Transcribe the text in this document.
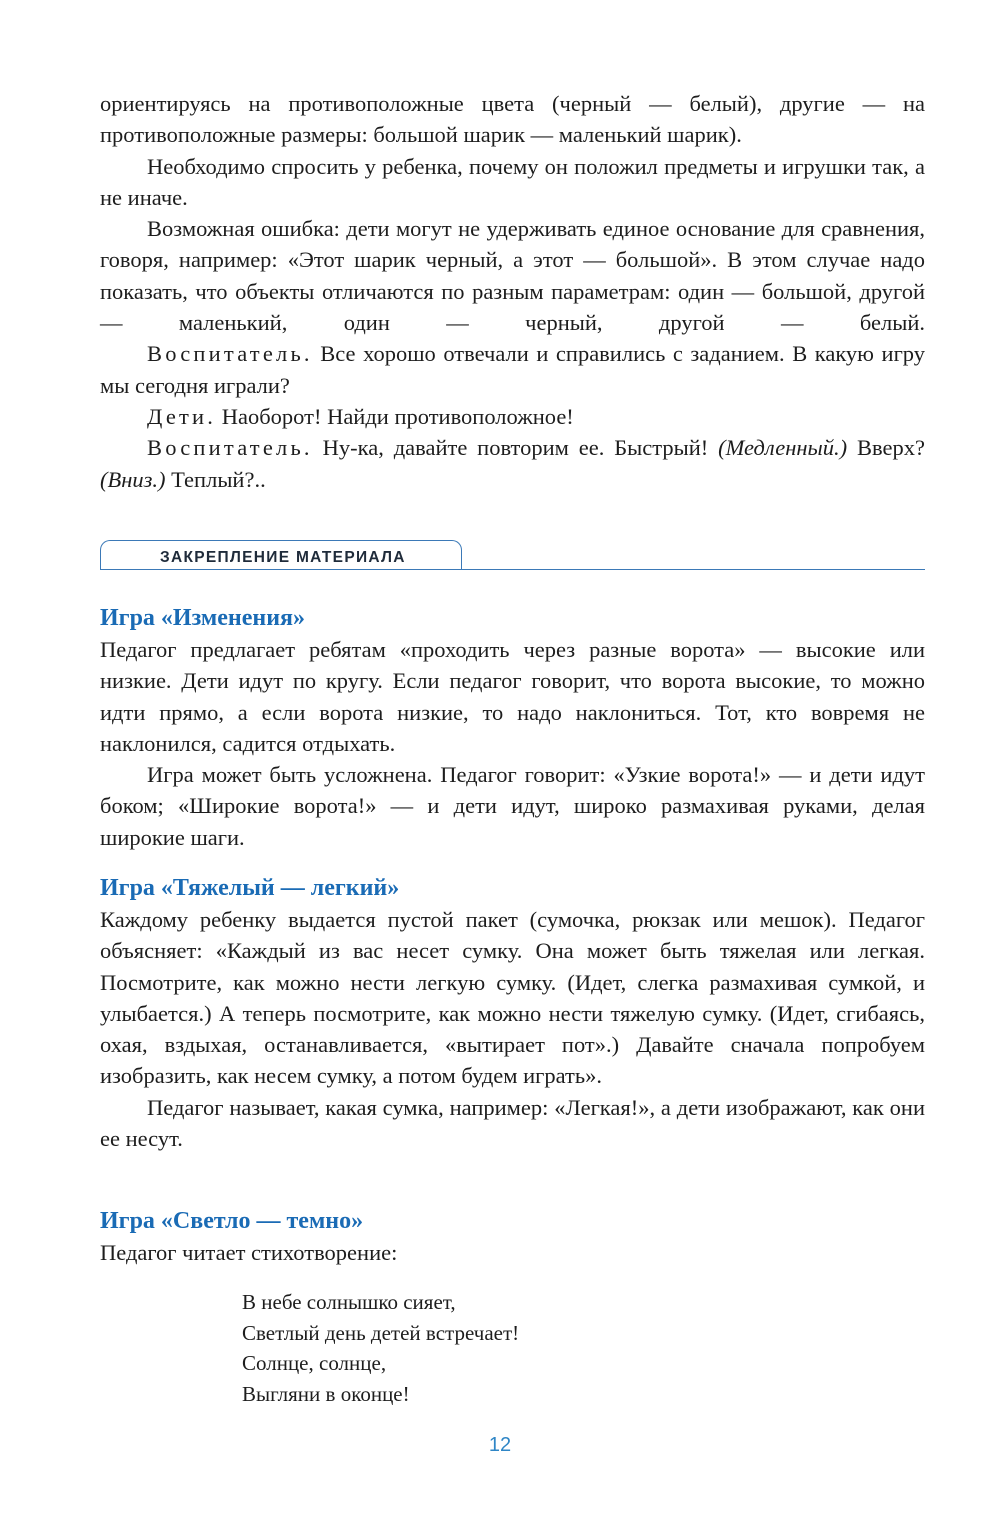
ориентируясь на противоположные цвета (черный — белый), другие — на противоположные размеры: большой шарик — маленький шарик).

Необходимо спросить у ребенка, почему он положил предметы и игрушки так, а не иначе.

Возможная ошибка: дети могут не удерживать единое основание для сравнения, говоря, например: «Этот шарик черный, а этот — большой». В этом случае надо показать, что объекты отличаются по разным параметрам: один — большой, другой — маленький, один — черный, другой — белый.

Воспитатель. Все хорошо отвечали и справились с заданием. В какую игру мы сегодня играли?

Дети. Наоборот! Найди противоположное!

Воспитатель. Ну-ка, давайте повторим ее. Быстрый! (Медленный.) Вверх? (Вниз.) Теплый?..

ЗАКРЕПЛЕНИЕ МАТЕРИАЛА
Игра «Изменения»

Педагог предлагает ребятам «проходить через разные ворота» — высокие или низкие. Дети идут по кругу. Если педагог говорит, что ворота высокие, то можно идти прямо, а если ворота низкие, то надо наклониться. Тот, кто вовремя не наклонился, садится отдыхать.

Игра может быть усложнена. Педагог говорит: «Узкие ворота!» — и дети идут боком; «Широкие ворота!» — и дети идут, широко размахивая руками, делая широкие шаги.

Игра «Тяжелый — легкий»

Каждому ребенку выдается пустой пакет (сумочка, рюкзак или мешок). Педагог объясняет: «Каждый из вас несет сумку. Она может быть тяжелая или легкая. Посмотрите, как можно нести легкую сумку. (Идет, слегка размахивая сумкой, и улыбается.) А теперь посмотрите, как можно нести тяжелую сумку. (Идет, сгибаясь, охая, вздыхая, останавливается, «вытирает пот».) Давайте сначала попробуем изобразить, как несем сумку, а потом будем играть».

Педагог называет, какая сумка, например: «Легкая!», а дети изображают, как они ее несут.

Игра «Светло — темно»

Педагог читает стихотворение:

В небе солнышко сияет,
Светлый день детей встречает!
Солнце, солнце,
Выгляни в оконце!
12
